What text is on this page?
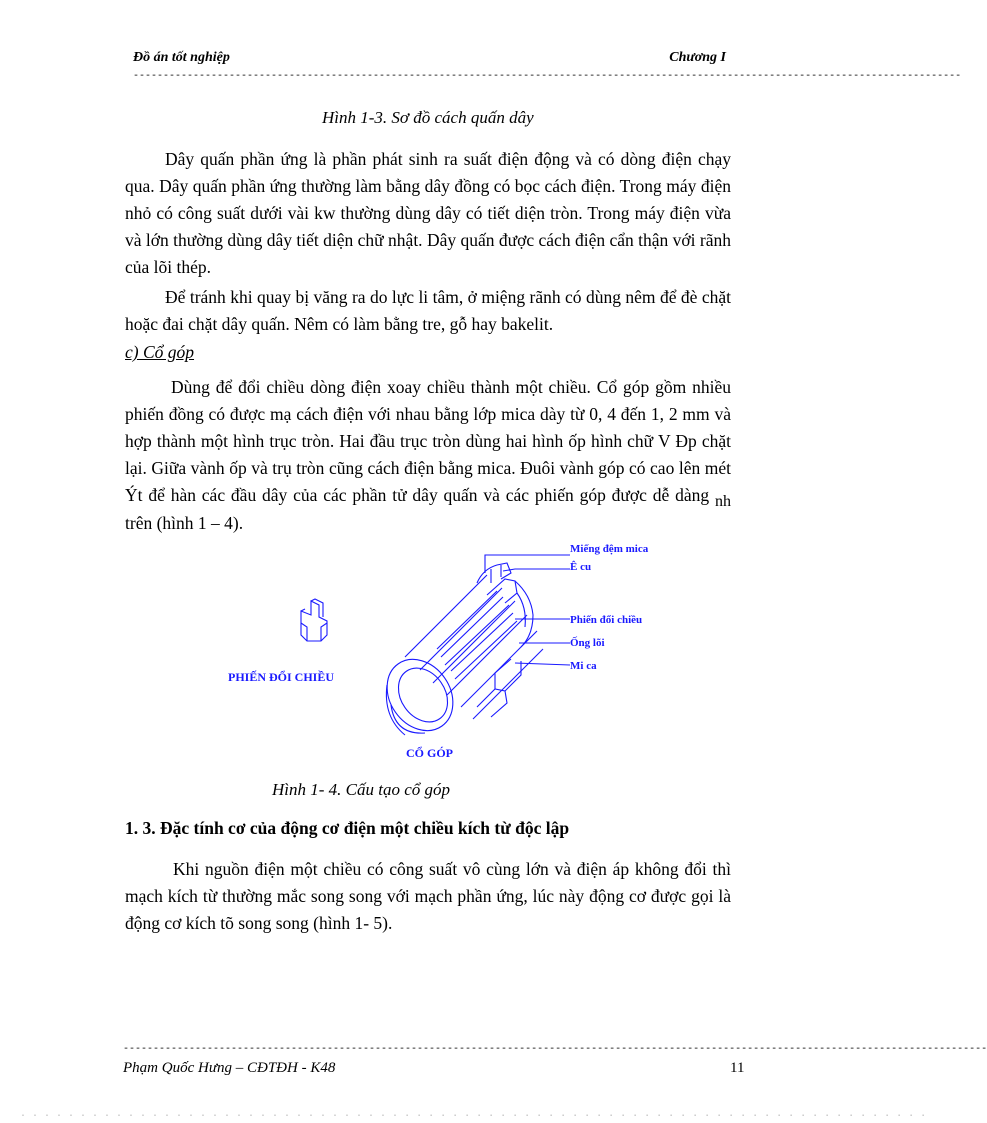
Đồ án tốt nghiệp	Chương I
------------------------------------------------------------------------------------------------------------------------------------------
Hình 1-3. Sơ đồ cách quấn dây

Dây quấn phần ứng là phần phát sinh ra suất điện động và có dòng điện chạy qua. Dây quấn phần ứng thường làm bằng dây đồng có bọc cách điện. Trong máy điện nhỏ có công suất dưới vài kw thường dùng dây có tiết diện tròn. Trong máy điện vừa và lớn thường dùng dây tiết diện chữ nhật. Dây quấn được cách điện cẩn thận với rãnh của lõi thép.

Để tránh khi quay bị văng ra do lực li tâm, ở miệng rãnh có dùng nêm để đè chặt hoặc đai chặt dây quấn. Nêm có làm bằng tre, gỗ hay bakelit.

c) Cổ góp

Dùng để đổi chiều dòng điện xoay chiều thành một chiều. Cổ góp gồm nhiều phiến đồng có được mạ cách điện với nhau bằng lớp mica dày từ 0, 4 đến 1, 2 mm và hợp thành một hình trục tròn. Hai đầu trục tròn dùng hai hình ốp hình chữ V Ðp chặt lại. Giữa vành ốp và trụ tròn cũng cách điện bằng mica. Đuôi vành góp có cao lên mét Ýt để hàn các đầu dây của các phần tử dây quấn và các phiến góp được dễ dàng nh trên (hình 1 – 4).

Miếng đệm mica
Ê cu
Phiến đổi chiều
Ống lõi
Mi ca
PHIẾN ĐỔI CHIỀU
CỔ GÓP
Hình 1- 4. Cấu tạo cổ góp
1. 3. Đặc tính cơ của động cơ điện một chiều kích từ độc lập

Khi nguồn điện một chiều có công suất vô cùng lớn và điện áp không đổi thì mạch kích từ thường mắc song song với mạch phần ứng, lúc này động cơ được gọi là động cơ kích tõ song song (hình 1- 5).

------------------------------------------------------------------------------------------------------------------------------------------------
Phạm Quốc Hưng – CĐTĐH - K48	11
· · · · · · · · · · · · · · · · · · · · · · · · · · · · · · · · · · · · · · · · · · · · · · · · · · · · · · · · · · · · · · · · · · · · · · · · · · · ·
